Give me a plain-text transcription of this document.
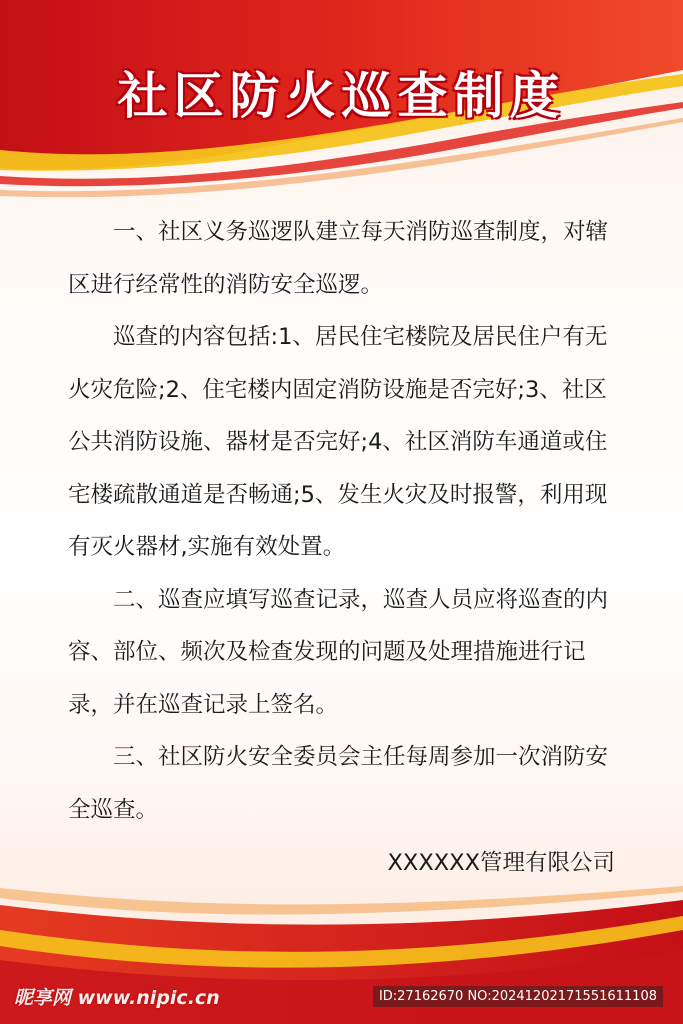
社区防火巡查制度

一、社区义务巡逻队建立每天消防巡查制度，对辖区进行经常性的消防安全巡逻。

巡查的内容包括:1、居民住宅楼院及居民住户有无火灾危险;2、住宅楼内固定消防设施是否完好;3、社区公共消防设施、器材是否完好;4、社区消防车通道或住宅楼疏散通道是否畅通;5、发生火灾及时报警，利用现有灭火器材,实施有效处置。

二、巡查应填写巡查记录，巡查人员应将巡查的内容、部位、频次及检查发现的问题及处理措施进行记录，并在巡查记录上签名。

三、社区防火安全委员会主任每周参加一次消防安全巡查。

XXXXXX管理有限公司
昵享网 www.nipic.cn	ID:27162670 NO:20241202171551611108
